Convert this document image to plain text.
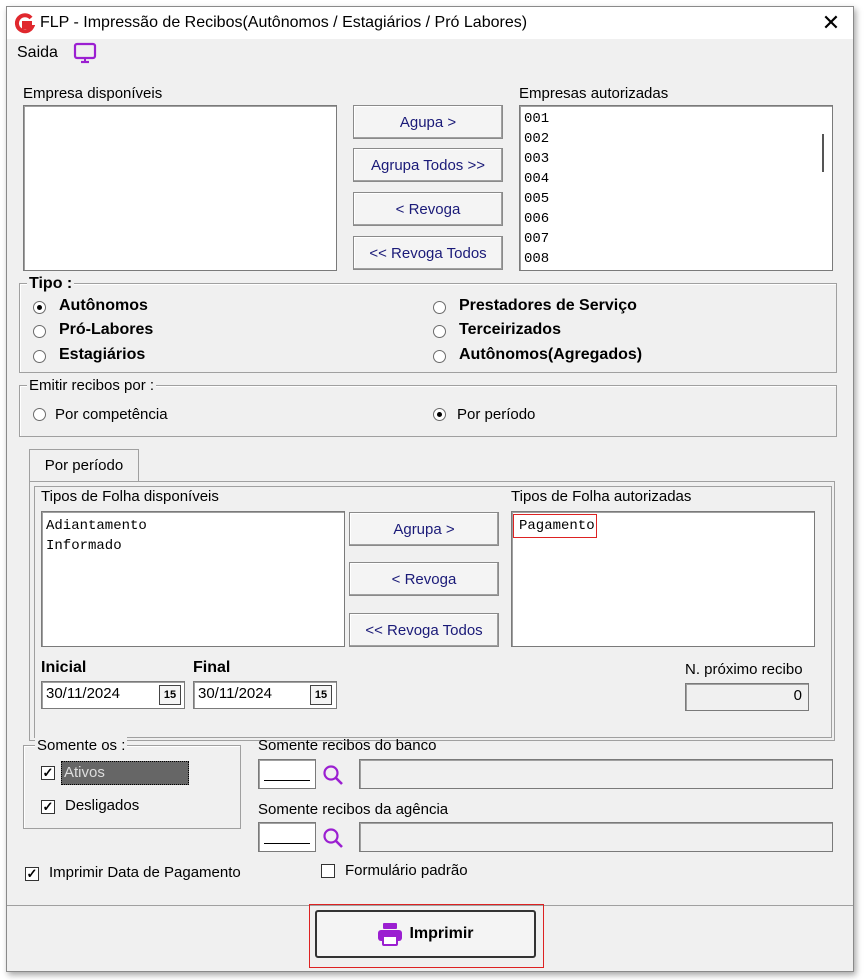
FLP - Impressão de Recibos(Autônomos / Estagiários / Pró Labores)	✕
Saida
Empresa disponíveis
Agupa >
Agrupa Todos >>
< Revoga
<< Revoga Todos
Empresas autorizadas
001
002
003
004
005
006
007
008
Tipo :
Autônomos
Pró-Labores
Estagiários
Prestadores de Serviço
Terceirizados
Autônomos(Agregados)
Emitir recibos por :
Por competência	Por período
Por período
Tipos de Folha disponíveis
Adiantamento
Informado
Agrupa >
< Revoga
<< Revoga Todos
Tipos de Folha autorizadas
Pagamento
Inicial
30/11/2024	15
Final
30/11/2024	15
N. próximo recibo
0
Somente os :
✓ Ativos
✓ Desligados
Somente recibos do banco
Somente recibos da agência
✓ Imprimir Data de Pagamento	Formulário padrão
Imprimir
